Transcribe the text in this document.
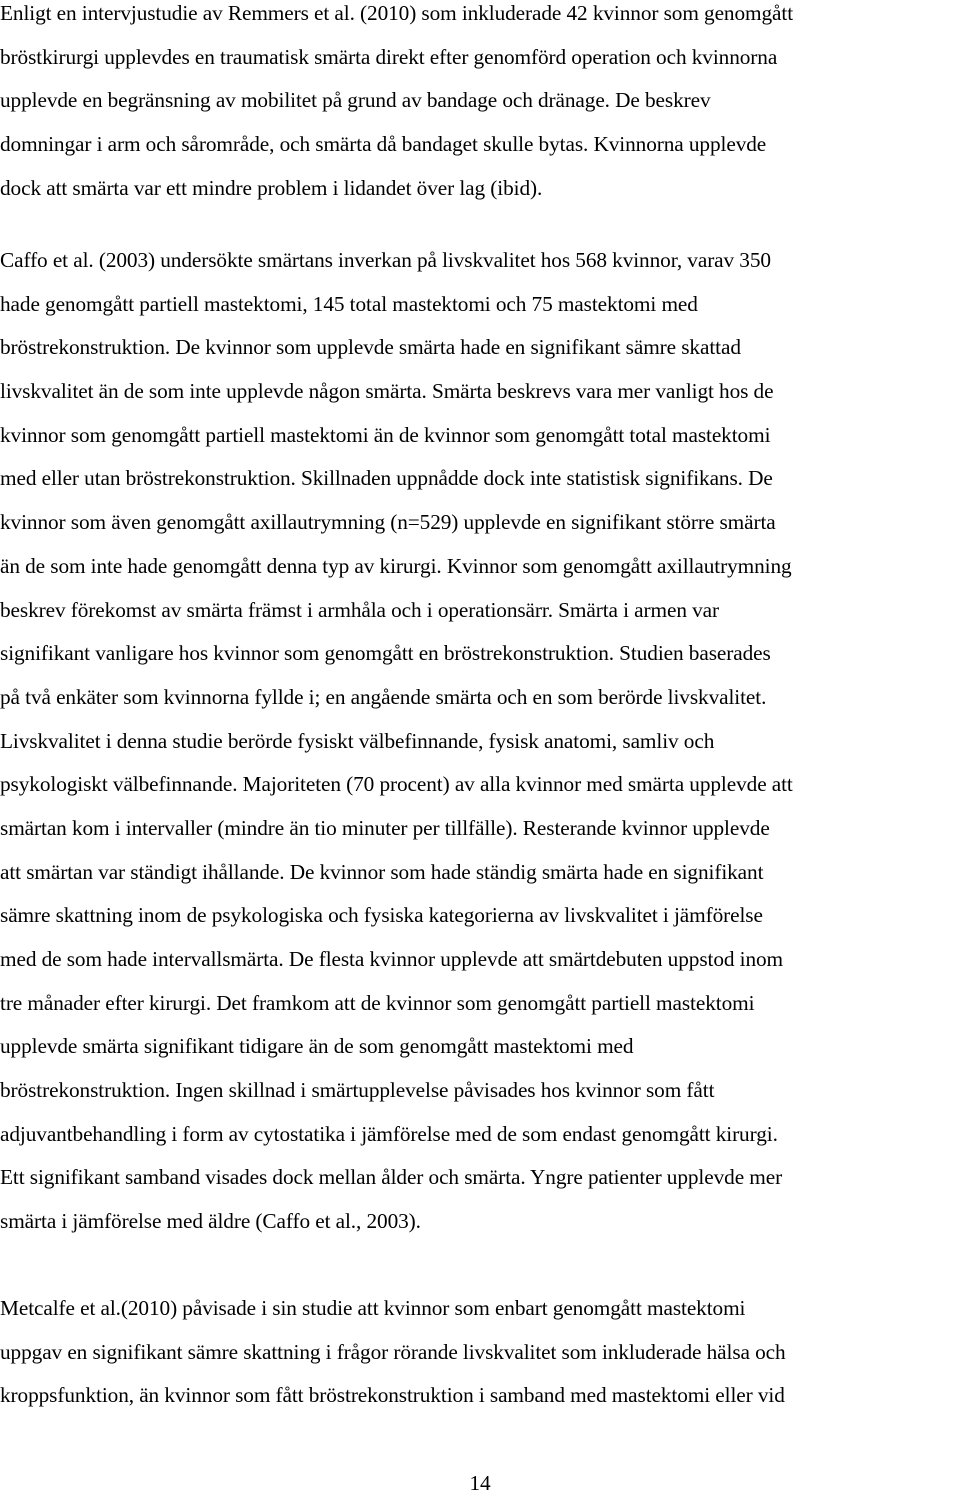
Enligt en intervjustudie av Remmers et al. (2010) som inkluderade 42 kvinnor som genomgått
bröstkirurgi upplevdes en traumatisk smärta direkt efter genomförd operation och kvinnorna
upplevde en begränsning av mobilitet på grund av bandage och dränage. De beskrev
domningar i arm och sårområde, och smärta då bandaget skulle bytas. Kvinnorna upplevde
dock att smärta var ett mindre problem i lidandet över lag (ibid).
Caffo et al. (2003) undersökte smärtans inverkan på livskvalitet hos 568 kvinnor, varav 350
hade genomgått partiell mastektomi, 145 total mastektomi och 75 mastektomi med
bröstrekonstruktion. De kvinnor som upplevde smärta hade en signifikant sämre skattad
livskvalitet än de som inte upplevde någon smärta. Smärta beskrevs vara mer vanligt hos de
kvinnor som genomgått partiell mastektomi än de kvinnor som genomgått total mastektomi
med eller utan bröstrekonstruktion. Skillnaden uppnådde dock inte statistisk signifikans. De
kvinnor som även genomgått axillautrymning (n=529) upplevde en signifikant större smärta
än de som inte hade genomgått denna typ av kirurgi. Kvinnor som genomgått axillautrymning
beskrev förekomst av smärta främst i armhåla och i operationsärr. Smärta i armen var
signifikant vanligare hos kvinnor som genomgått en bröstrekonstruktion. Studien baserades
på två enkäter som kvinnorna fyllde i; en angående smärta och en som berörde livskvalitet.
Livskvalitet i denna studie berörde fysiskt välbefinnande, fysisk anatomi, samliv och
psykologiskt välbefinnande. Majoriteten (70 procent) av alla kvinnor med smärta upplevde att
smärtan kom i intervaller (mindre än tio minuter per tillfälle). Resterande kvinnor upplevde
att smärtan var ständigt ihållande. De kvinnor som hade ständig smärta hade en signifikant
sämre skattning inom de psykologiska och fysiska kategorierna av livskvalitet i jämförelse
med de som hade intervallsmärta. De flesta kvinnor upplevde att smärtdebuten uppstod inom
tre månader efter kirurgi. Det framkom att de kvinnor som genomgått partiell mastektomi
upplevde smärta signifikant tidigare än de som genomgått mastektomi med
bröstrekonstruktion. Ingen skillnad i smärtupplevelse påvisades hos kvinnor som fått
adjuvantbehandling i form av cytostatika i jämförelse med de som endast genomgått kirurgi.
Ett signifikant samband visades dock mellan ålder och smärta. Yngre patienter upplevde mer
smärta i jämförelse med äldre (Caffo et al., 2003).
Metcalfe et al.(2010) påvisade i sin studie att kvinnor som enbart genomgått mastektomi
uppgav en signifikant sämre skattning i frågor rörande livskvalitet som inkluderade hälsa och
kroppsfunktion, än kvinnor som fått bröstrekonstruktion i samband med mastektomi eller vid
14
